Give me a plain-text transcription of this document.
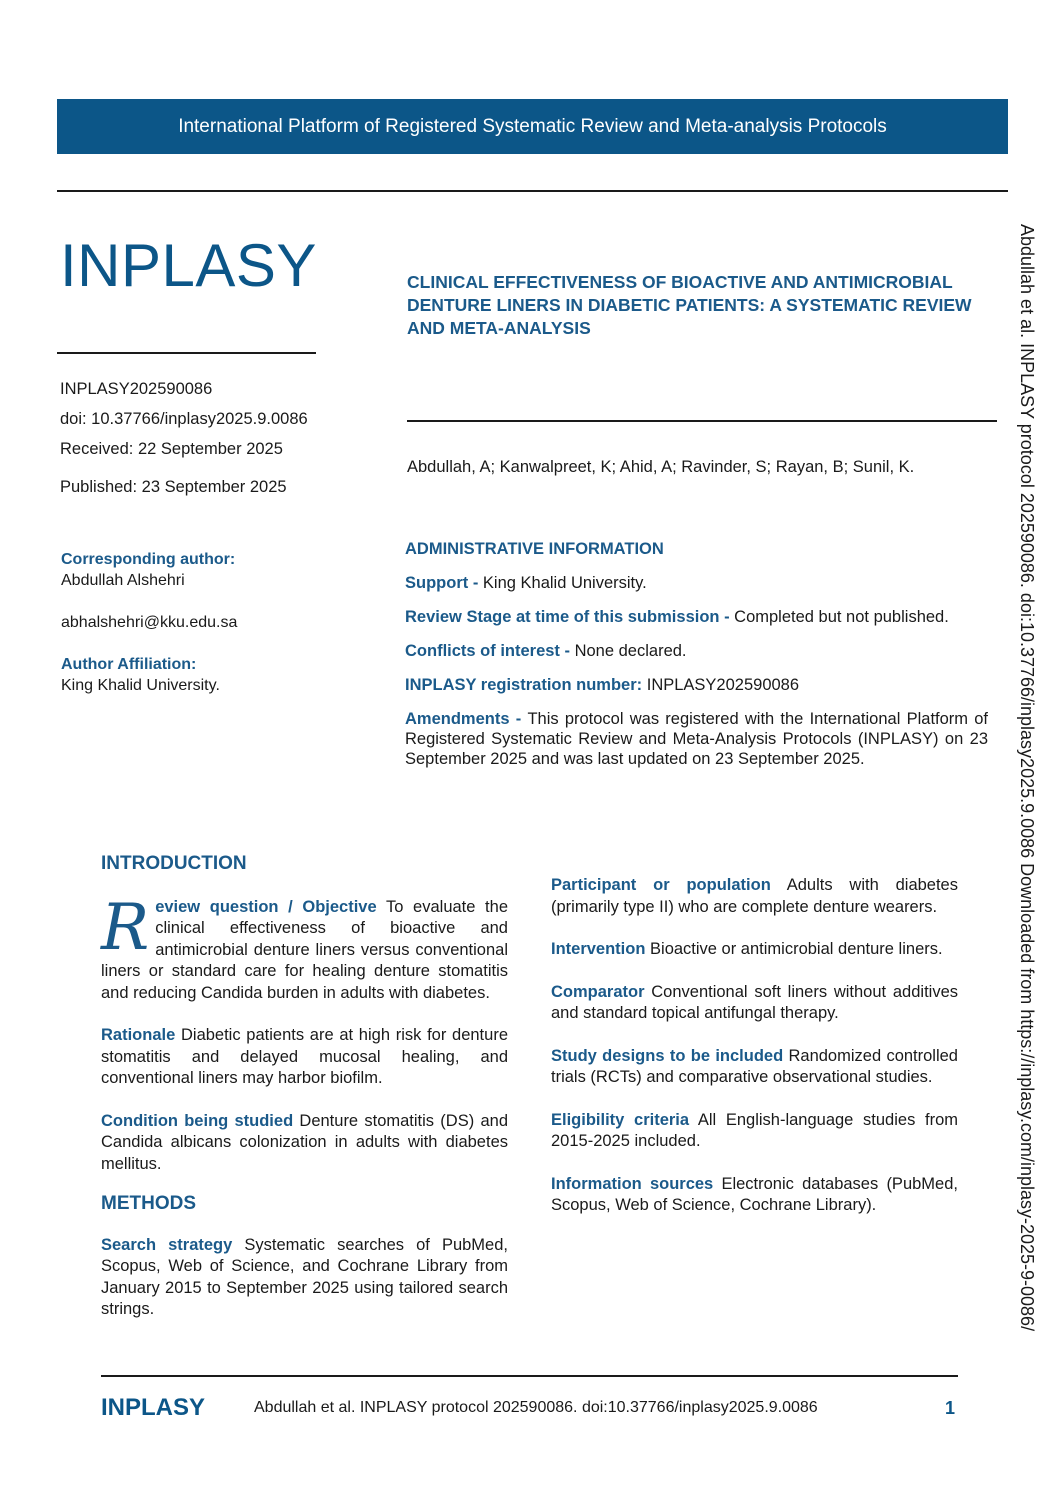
International Platform of Registered Systematic Review and Meta-analysis Protocols
INPLASY	CLINICAL EFFECTIVENESS OF BIOACTIVE AND ANTIMICROBIAL DENTURE LINERS IN DIABETIC PATIENTS: A SYSTEMATIC REVIEW AND META-ANALYSIS
INPLASY202590086
doi: 10.37766/inplasy2025.9.0086
Received: 22 September 2025
Published: 23 September 2025
Abdullah, A; Kanwalpreet, K; Ahid, A; Ravinder, S; Rayan, B; Sunil, K.

Corresponding author:

Abdullah Alshehri

abhalshehri@kku.edu.sa

Author Affiliation:

King Khalid University.

ADMINISTRATIVE INFORMATION

Support - King Khalid University.

Review Stage at time of this submission - Completed but not published.

Conflicts of interest - None declared.

INPLASY registration number: INPLASY202590086

Amendments - This protocol was registered with the International Platform of Registered Systematic Review and Meta-Analysis Protocols (INPLASY) on 23 September 2025 and was last updated on 23 September 2025.

INTRODUCTION

Review question / Objective To evaluate the clinical effectiveness of bioactive and antimicrobial denture liners versus conventional liners or standard care for healing denture stomatitis and reducing Candida burden in adults with diabetes.

Rationale Diabetic patients are at high risk for denture stomatitis and delayed mucosal healing, and conventional liners may harbor biofilm.

Condition being studied Denture stomatitis (DS) and Candida albicans colonization in adults with diabetes mellitus.

METHODS

Search strategy Systematic searches of PubMed, Scopus, Web of Science, and Cochrane Library from January 2015 to September 2025 using tailored search strings.

Participant or population Adults with diabetes (primarily type II) who are complete denture wearers.

Intervention Bioactive or antimicrobial denture liners.

Comparator Conventional soft liners without additives and standard topical antifungal therapy.

Study designs to be included Randomized controlled trials (RCTs) and comparative observational studies.

Eligibility criteria All English-language studies from 2015-2025 included.

Information sources Electronic databases (PubMed, Scopus, Web of Science, Cochrane Library).

INPLASY	Abdullah et al. INPLASY protocol 202590086. doi:10.37766/inplasy2025.9.0086	1
Abdullah et al. INPLASY protocol 202590086. doi:10.37766/inplasy2025.9.0086 Downloaded from https://inplasy.com/inplasy-2025-9-0086/
